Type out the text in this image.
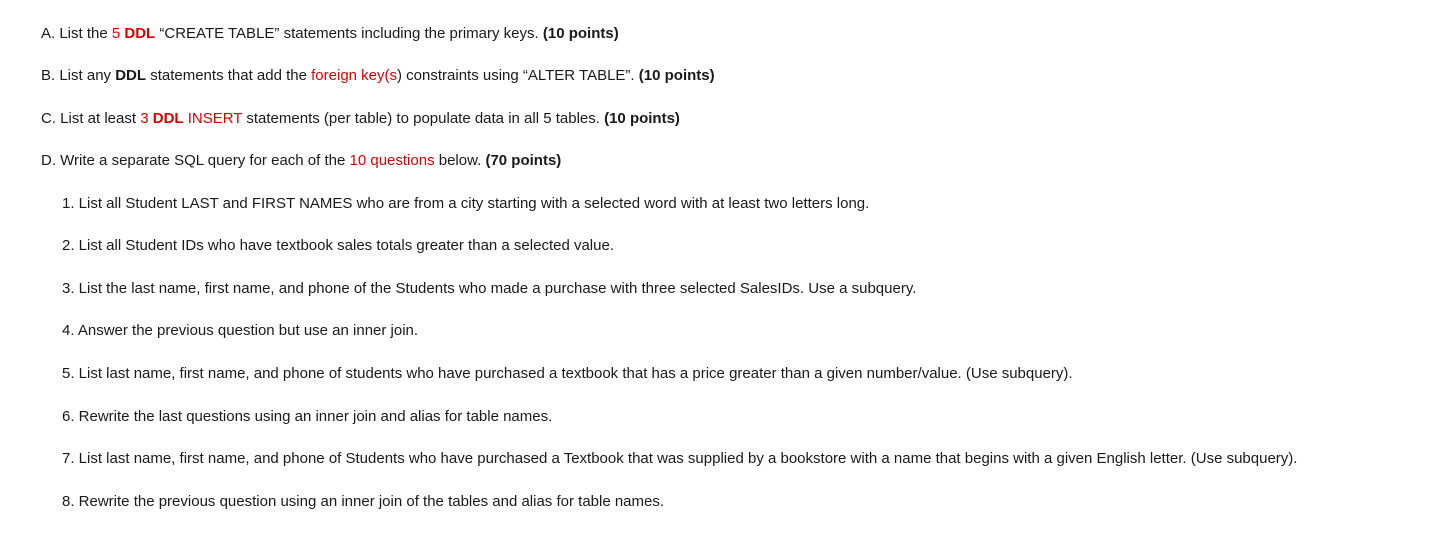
A. List the 5 DDL “CREATE TABLE” statements including the primary keys. (10 points)

B. List any DDL statements that add the foreign key(s) constraints using “ALTER TABLE”. (10 points)

C. List at least 3 DDL INSERT statements (per table) to populate data in all 5 tables. (10 points)

D. Write a separate SQL query for each of the 10 questions below. (70 points)

1. List all Student LAST and FIRST NAMES who are from a city starting with a selected word with at least two letters long.

2. List all Student IDs who have textbook sales totals greater than a selected value.

3. List the last name, first name, and phone of the Students who made a purchase with three selected SalesIDs. Use a subquery.

4. Answer the previous question but use an inner join.

5. List last name, first name, and phone of students who have purchased a textbook that has a price greater than a given number/value. (Use subquery).

6. Rewrite the last questions using an inner join and alias for table names.

7. List last name, first name, and phone of Students who have purchased a Textbook that was supplied by a bookstore with a name that begins with a given English letter. (Use subquery).

8. Rewrite the previous question using an inner join of the tables and alias for table names.
